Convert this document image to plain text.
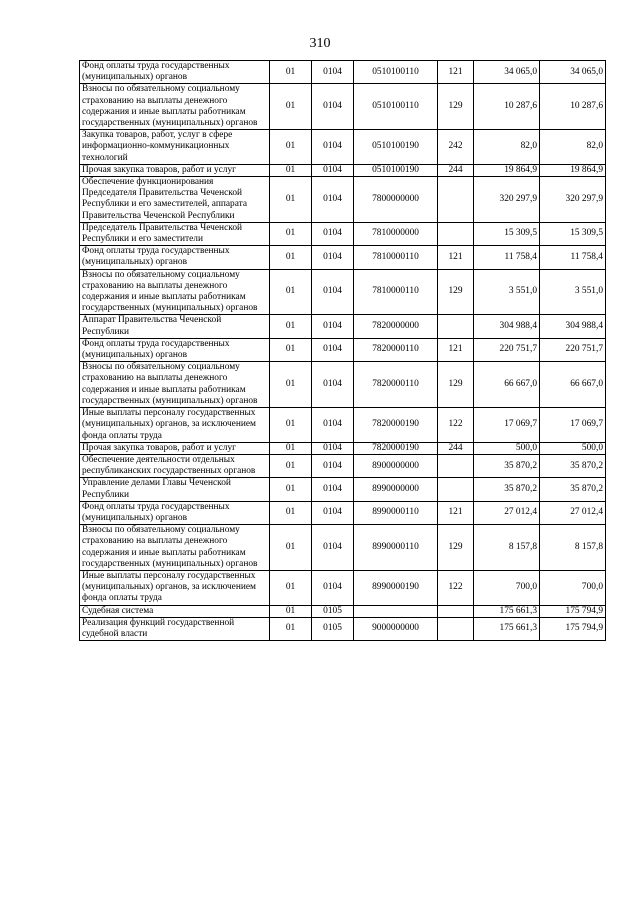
310
Фонд оплаты труда государственных (муниципальных) органов	01	0104	0510100110	121	34 065,0	34 065,0
Взносы по обязательному социальному страхованию на выплаты денежного содержания и иные выплаты работникам государственных (муниципальных) органов	01	0104	0510100110	129	10 287,6	10 287,6
Закупка товаров, работ, услуг в сфере информационно-коммуникационных технологий	01	0104	0510100190	242	82,0	82,0
Прочая закупка товаров, работ и услуг	01	0104	0510100190	244	19 864,9	19 864,9
Обеспечение функционирования Председателя Правительства Чеченской Республики и его заместителей, аппарата Правительства Чеченской Республики	01	0104	7800000000		320 297,9	320 297,9
Председатель Правительства Чеченской Республики и его заместители	01	0104	7810000000		15 309,5	15 309,5
Фонд оплаты труда государственных (муниципальных) органов	01	0104	7810000110	121	11 758,4	11 758,4
Взносы по обязательному социальному страхованию на выплаты денежного содержания и иные выплаты работникам государственных (муниципальных) органов	01	0104	7810000110	129	3 551,0	3 551,0
Аппарат Правительства Чеченской Республики	01	0104	7820000000		304 988,4	304 988,4
Фонд оплаты труда государственных (муниципальных) органов	01	0104	7820000110	121	220 751,7	220 751,7
Взносы по обязательному социальному страхованию на выплаты денежного содержания и иные выплаты работникам государственных (муниципальных) органов	01	0104	7820000110	129	66 667,0	66 667,0
Иные выплаты персоналу государственных (муниципальных) органов, за исключением фонда оплаты труда	01	0104	7820000190	122	17 069,7	17 069,7
Прочая закупка товаров, работ и услуг	01	0104	7820000190	244	500,0	500,0
Обеспечение деятельности отдельных республиканских государственных органов	01	0104	8900000000		35 870,2	35 870,2
Управление делами Главы Чеченской Республики	01	0104	8990000000		35 870,2	35 870,2
Фонд оплаты труда государственных (муниципальных) органов	01	0104	8990000110	121	27 012,4	27 012,4
Взносы по обязательному социальному страхованию на выплаты денежного содержания и иные выплаты работникам государственных (муниципальных) органов	01	0104	8990000110	129	8 157,8	8 157,8
Иные выплаты персоналу государственных (муниципальных) органов, за исключением фонда оплаты труда	01	0104	8990000190	122	700,0	700,0
Судебная система	01	0105			175 661,3	175 794,9
Реализация функций государственной судебной власти	01	0105	9000000000		175 661,3	175 794,9
